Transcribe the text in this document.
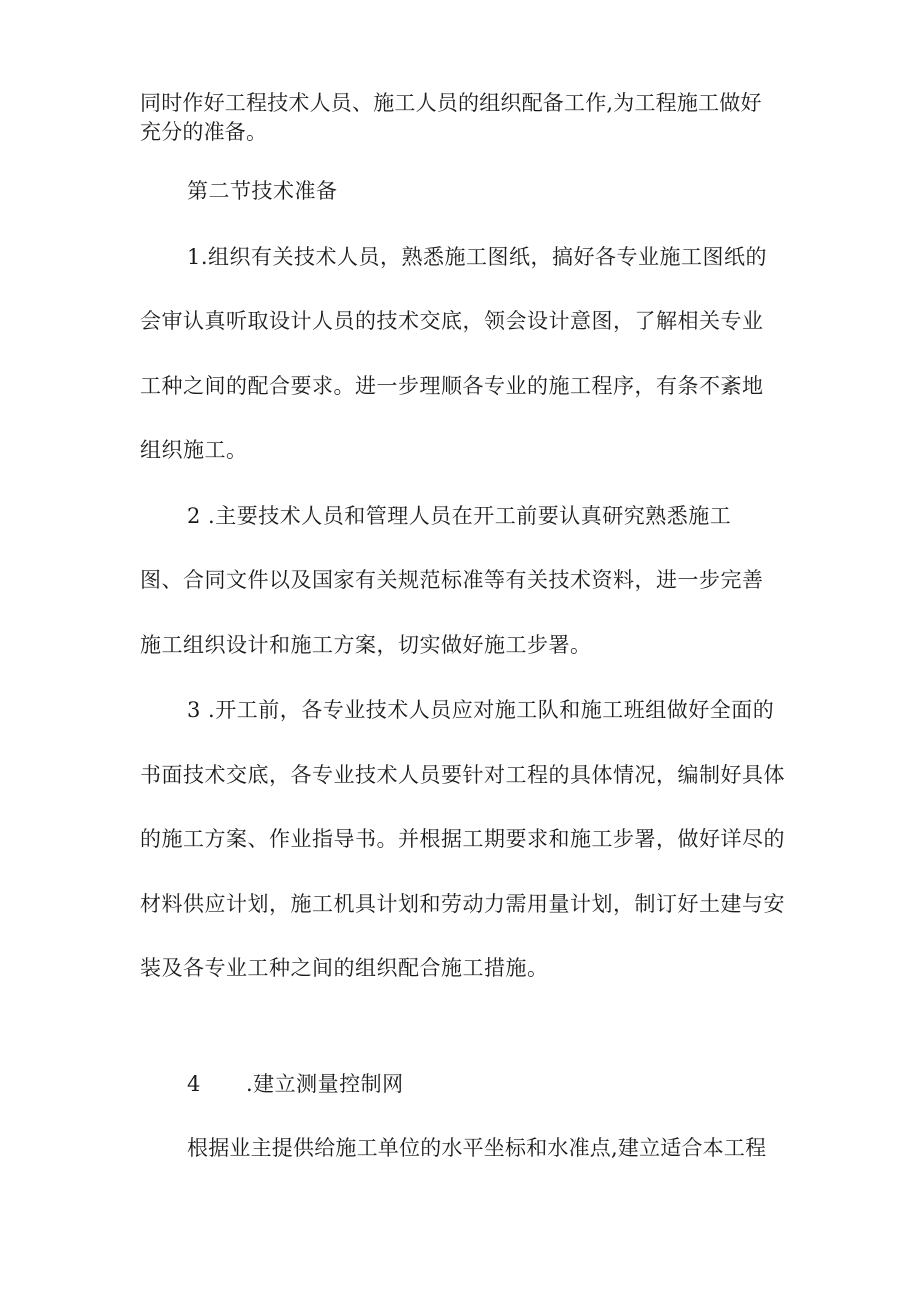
同时作好工程技术人员、施工人员的组织配备工作,为工程施工做好
充分的准备。
第二节技术准备
1.组织有关技术人员，熟悉施工图纸，搞好各专业施工图纸的
会审认真听取设计人员的技术交底，领会设计意图，了解相关专业
工种之间的配合要求。进一步理顺各专业的施工程序，有条不紊地
组织施工。
2 .主要技术人员和管理人员在开工前要认真研究熟悉施工
图、合同文件以及国家有关规范标准等有关技术资料，进一步完善
施工组织设计和施工方案，切实做好施工步署。
3 .开工前，各专业技术人员应对施工队和施工班组做好全面的
书面技术交底，各专业技术人员要针对工程的具体情况，编制好具体
的施工方案、作业指导书。并根据工期要求和施工步署，做好详尽的
材料供应计划，施工机具计划和劳动力需用量计划，制订好土建与安
装及各专业工种之间的组织配合施工措施。
4 .建立测量控制网
根据业主提供给施工单位的水平坐标和水准点,建立适合本工程
